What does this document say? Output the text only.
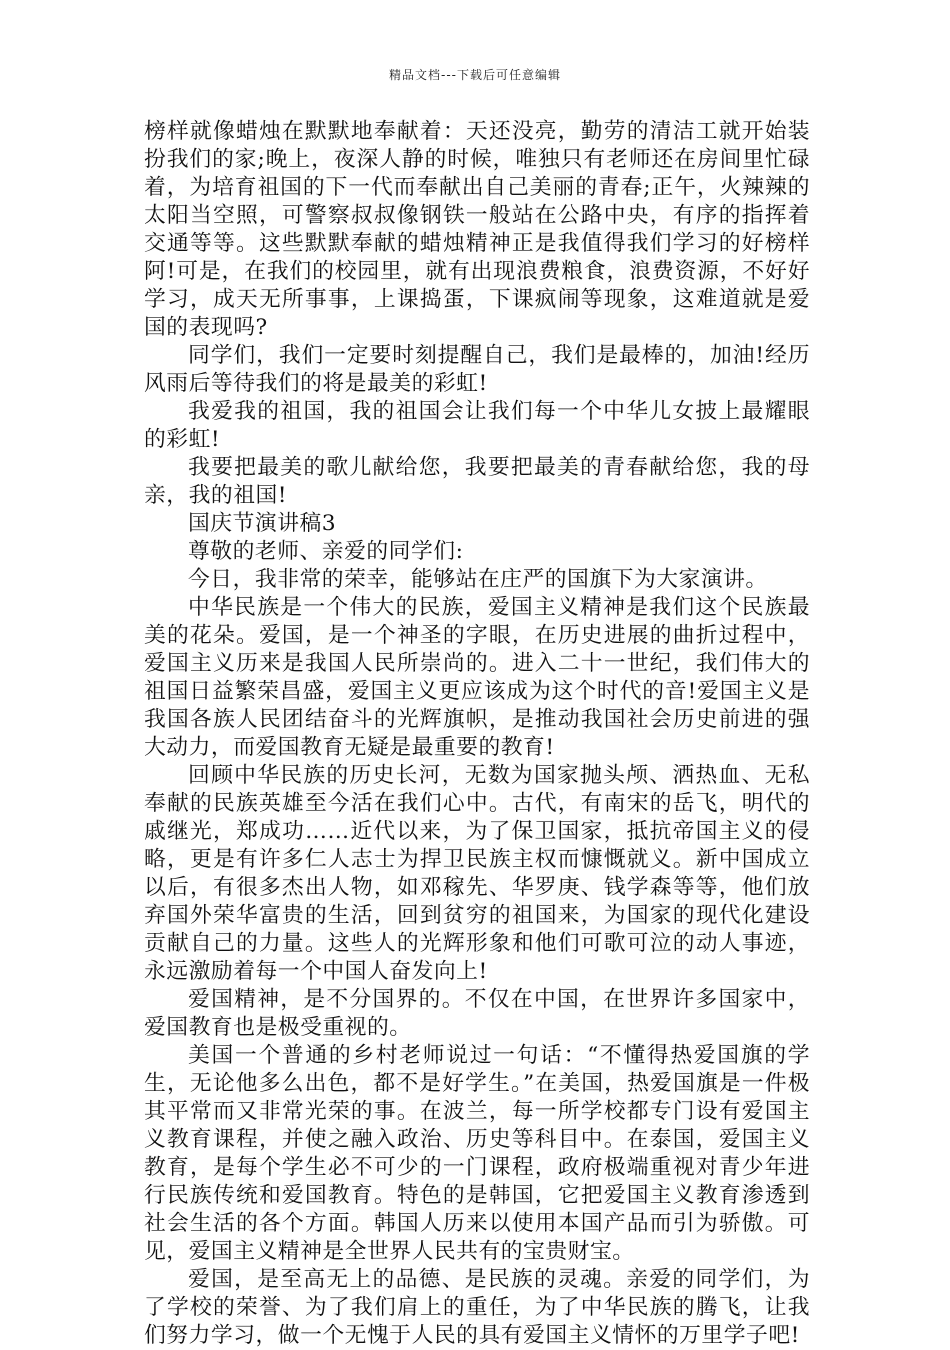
精品文档---下载后可任意编辑

榜样就像蜡烛在默默地奉献着：天还没亮，勤劳的清洁工就开始装扮我们的家;晚上，夜深人静的时候，唯独只有老师还在房间里忙碌着，为培育祖国的下一代而奉献出自己美丽的青春;正午，火辣辣的太阳当空照，可警察叔叔像钢铁一般站在公路中央，有序的指挥着交通等等。这些默默奉献的蜡烛精神正是我值得我们学习的好榜样阿!可是，在我们的校园里，就有出现浪费粮食，浪费资源，不好好学习，成天无所事事，上课捣蛋，下课疯闹等现象，这难道就是爱国的表现吗?

同学们，我们一定要时刻提醒自己，我们是最棒的，加油!经历风雨后等待我们的将是最美的彩虹!

我爱我的祖国，我的祖国会让我们每一个中华儿女披上最耀眼的彩虹!

我要把最美的歌儿献给您，我要把最美的青春献给您，我的母亲，我的祖国!

国庆节演讲稿3

尊敬的老师、亲爱的同学们:

今日，我非常的荣幸，能够站在庄严的国旗下为大家演讲。

中华民族是一个伟大的民族，爱国主义精神是我们这个民族最美的花朵。爱国，是一个神圣的字眼，在历史进展的曲折过程中，爱国主义历来是我国人民所崇尚的。进入二十一世纪，我们伟大的祖国日益繁荣昌盛，爱国主义更应该成为这个时代的音!爱国主义是我国各族人民团结奋斗的光辉旗帜，是推动我国社会历史前进的强大动力，而爱国教育无疑是最重要的教育!

回顾中华民族的历史长河，无数为国家抛头颅、洒热血、无私奉献的民族英雄至今活在我们心中。古代，有南宋的岳飞，明代的戚继光，郑成功……近代以来，为了保卫国家，抵抗帝国主义的侵略，更是有许多仁人志士为捍卫民族主权而慷慨就义。新中国成立以后，有很多杰出人物，如邓稼先、华罗庚、钱学森等等，他们放弃国外荣华富贵的生活，回到贫穷的祖国来，为国家的现代化建设贡献自己的力量。这些人的光辉形象和他们可歌可泣的动人事迹，永远激励着每一个中国人奋发向上!

爱国精神，是不分国界的。不仅在中国，在世界许多国家中，爱国教育也是极受重视的。

美国一个普通的乡村老师说过一句话：“不懂得热爱国旗的学生，无论他多么出色，都不是好学生。”在美国，热爱国旗是一件极其平常而又非常光荣的事。在波兰，每一所学校都专门设有爱国主义教育课程，并使之融入政治、历史等科目中。在泰国，爱国主义教育，是每个学生必不可少的一门课程，政府极端重视对青少年进行民族传统和爱国教育。特色的是韩国，它把爱国主义教育渗透到社会生活的各个方面。韩国人历来以使用本国产品而引为骄傲。可见，爱国主义精神是全世界人民共有的宝贵财宝。

爱国，是至高无上的品德、是民族的灵魂。亲爱的同学们，为了学校的荣誉、为了我们肩上的重任，为了中华民族的腾飞，让我们努力学习，做一个无愧于人民的具有爱国主义情怀的万里学子吧!
